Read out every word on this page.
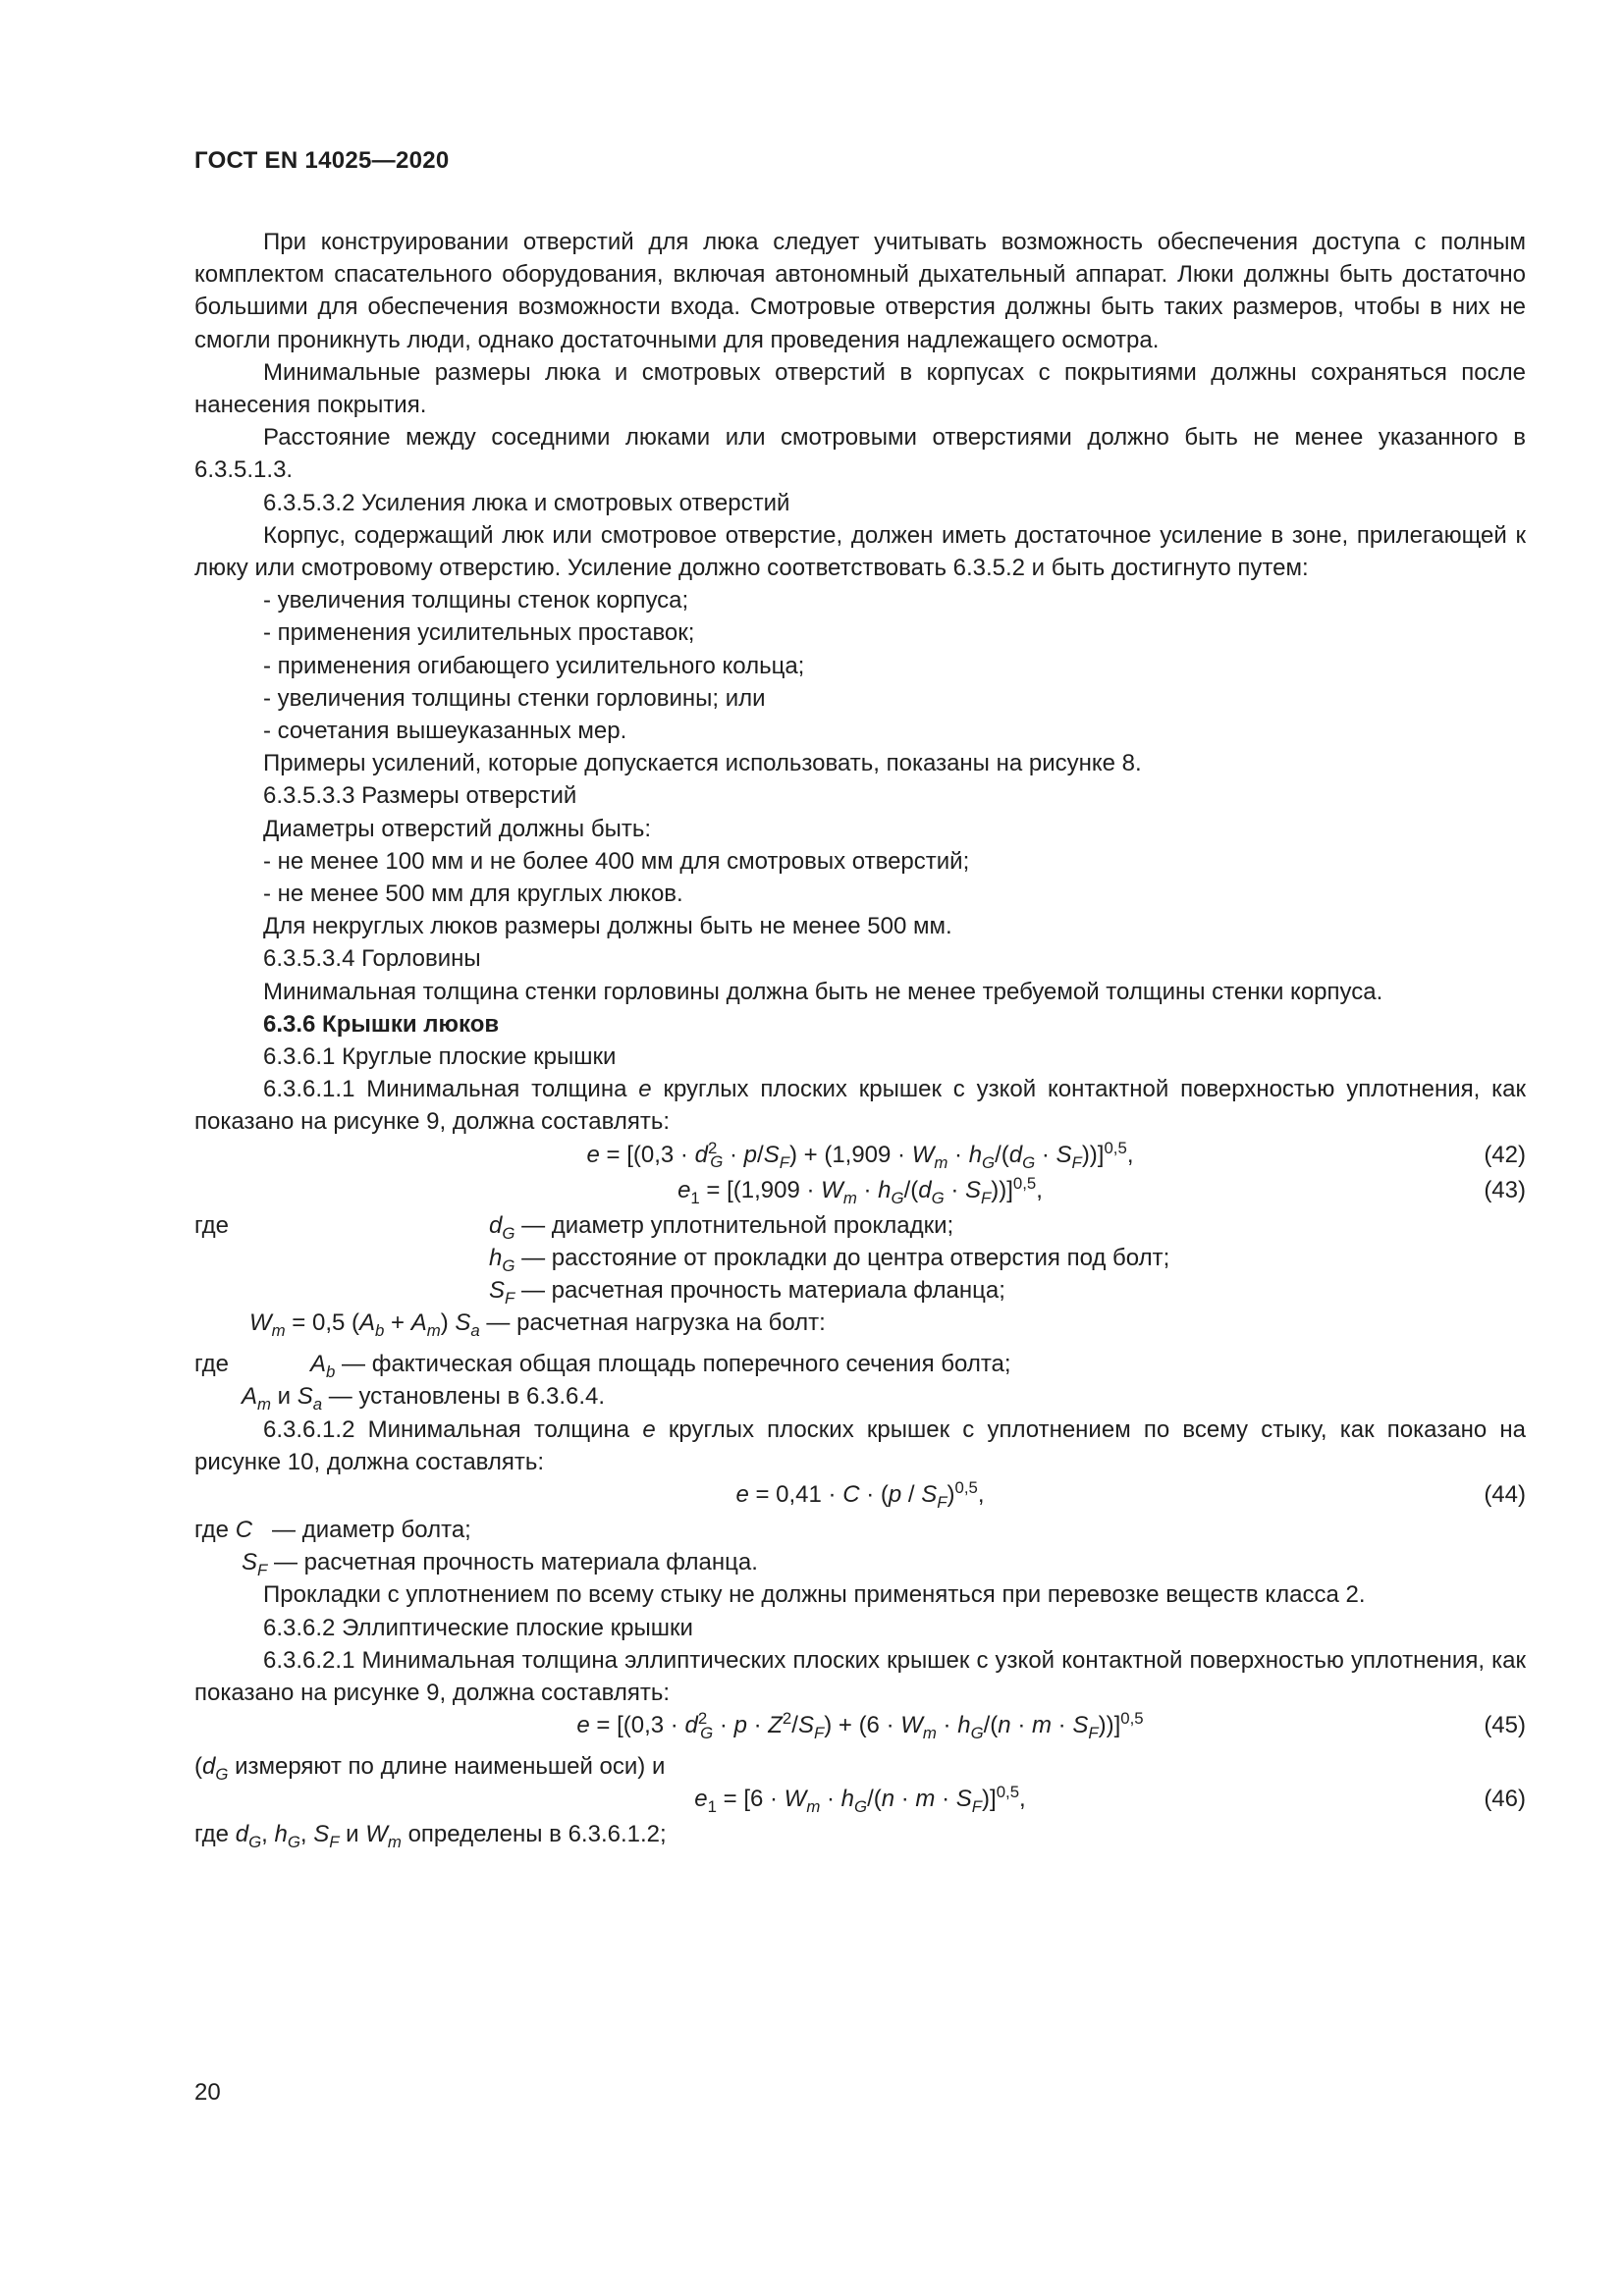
ГОСТ EN 14025—2020

При конструировании отверстий для люка следует учитывать возможность обеспечения доступа с полным комплектом спасательного оборудования, включая автономный дыхательный аппарат. Люки должны быть достаточно большими для обеспечения возможности входа. Смотровые отверстия должны быть таких размеров, чтобы в них не смогли проникнуть люди, однако достаточными для проведения надлежащего осмотра.

Минимальные размеры люка и смотровых отверстий в корпусах с покрытиями должны сохраняться после нанесения покрытия.

Расстояние между соседними люками или смотровыми отверстиями должно быть не менее указанного в 6.3.5.1.3.

6.3.5.3.2 Усиления люка и смотровых отверстий

Корпус, содержащий люк или смотровое отверстие, должен иметь достаточное усиление в зоне, прилегающей к люку или смотровому отверстию. Усиление должно соответствовать 6.3.5.2 и быть достигнуто путем:

- увеличения толщины стенок корпуса;

- применения усилительных проставок;

- применения огибающего усилительного кольца;

- увеличения толщины стенки горловины; или

- сочетания вышеуказанных мер.

Примеры усилений, которые допускается использовать, показаны на рисунке 8.

6.3.5.3.3 Размеры отверстий

Диаметры отверстий должны быть:

- не менее 100 мм и не более 400 мм для смотровых отверстий;

- не менее 500 мм для круглых люков.

Для некруглых люков размеры должны быть не менее 500 мм.

6.3.5.3.4 Горловины

Минимальная толщина стенки горловины должна быть не менее требуемой толщины стенки корпуса.

6.3.6 Крышки люков

6.3.6.1 Круглые плоские крышки

6.3.6.1.1 Минимальная толщина e круглых плоских крышек с узкой контактной поверхностью уплотнения, как показано на рисунке 9, должна составлять:

$e = [(0,3 \cdot d^2_G \cdot p/S_F) + (1,909 \cdot W_m \cdot h_G/(d_G \cdot S_F))]^{0,5}$,	(42)
$e_1 = [(1,909 \cdot W_m \cdot h_G/(d_G \cdot S_F))]^{0,5}$,	(43)
где	$d_G$ — диаметр уплотнительной прокладки;
$h_G$ — расстояние от прокладки до центра отверстия под болт;
$S_F$ — расчетная прочность материала фланца;
$W_m = 0,5$ $(A_b + A_m)$ $S_a$ — расчетная нагрузка на болт:
где	$A_b$ — фактическая общая площадь поперечного сечения болта;
$A_m$ и $S_a$ — установлены в 6.3.6.4.

6.3.6.1.2 Минимальная толщина e круглых плоских крышек с уплотнением по всему стыку, как показано на рисунке 10, должна составлять:

$e = 0,41 \cdot C \cdot (p / S_F)^{0,5}$,	(44)
где C   — диаметр болта;
$S_F$ — расчетная прочность материала фланца.

Прокладки с уплотнением по всему стыку не должны применяться при перевозке веществ класса 2.

6.3.6.2 Эллиптические плоские крышки

6.3.6.2.1 Минимальная толщина эллиптических плоских крышек с узкой контактной поверхностью уплотнения, как показано на рисунке 9, должна составлять:

$e = [(0,3 \cdot d^2_G \cdot p \cdot Z^2/S_F) + (6 \cdot W_m \cdot h_G/(n \cdot m \cdot S_F))]^{0,5}$	(45)
($d_G$ измеряют по длине наименьшей оси) и
$e_1 = [6 \cdot W_m \cdot h_G/(n \cdot m \cdot S_F)]^{0,5}$,	(46)
где $d_G$, $h_G$, $S_F$ и $W_m$ определены в 6.3.6.1.2;
20
